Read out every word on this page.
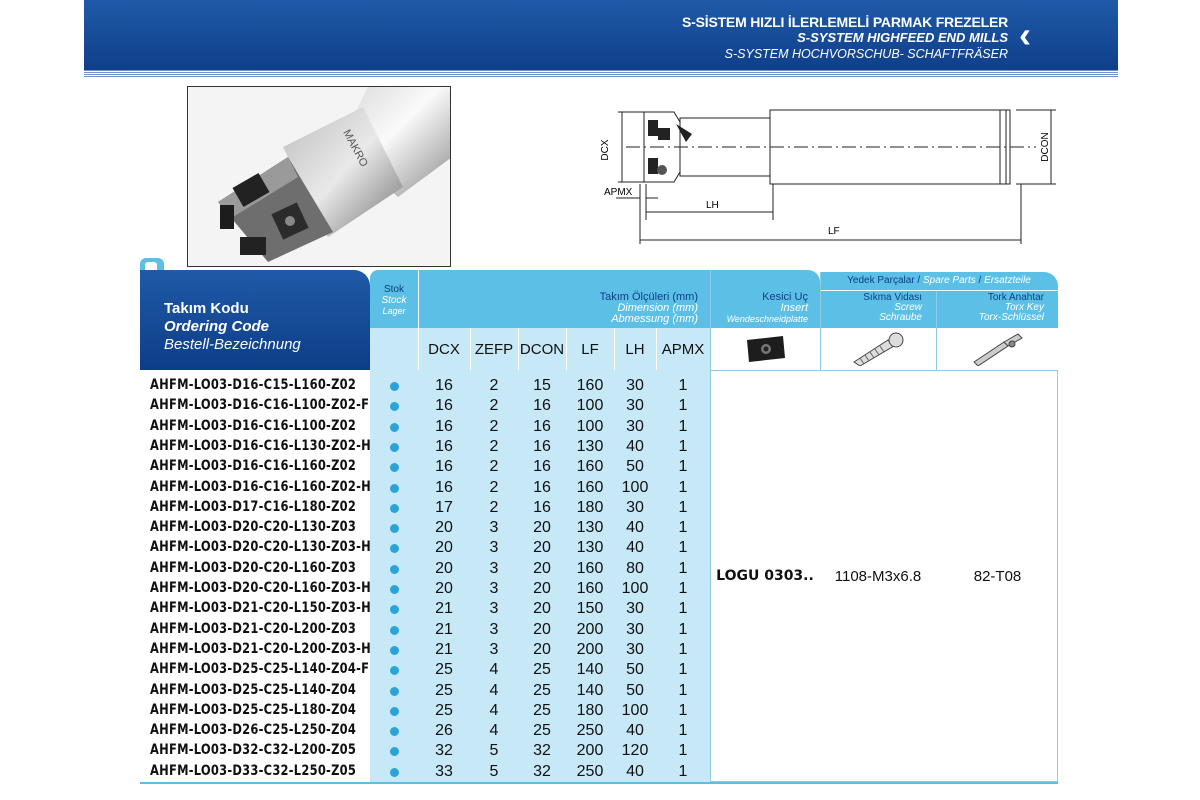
S-SİSTEM HIZLI İLERLEMELİ PARMAK FREZELER
S-SYSTEM HIGHFEED END MILLS
S-SYSTEM HOCHVORSCHUB- SCHAFTFRÄSER ‹
MAKRO	DCX	DCON
APMX
LH
LF
Takım Kodu
Ordering Code
Bestell-Bezeichnung
Stok
Stock
Lager
Takım Ölçüleri (mm)
Dimension (mm)
Abmessung (mm)
Kesici Uç
Insert
Wendeschneidplatte
Yedek Parçalar / Spare Parts / Ersatzteile
Sıkma Vidası
Screw
Schraube
Tork Anahtar
Torx Key
Torx-Schlüssel
DCX	ZEFP DCON	LF	LH	APMX
AHFM-LO03-D16-C15-L160-Z02	16	2	15	160	30	1
AHFM-LO03-D16-C16-L100-Z02-F	16	2	16	100	30	1
AHFM-LO03-D16-C16-L100-Z02	16	2	16	100	30	1
AHFM-LO03-D16-C16-L130-Z02-H	16	2	16	130	40	1
AHFM-LO03-D16-C16-L160-Z02	16	2	16	160	50	1
AHFM-LO03-D16-C16-L160-Z02-H	16	2	16	160	100	1
AHFM-LO03-D17-C16-L180-Z02	17	2	16	180	30	1
AHFM-LO03-D20-C20-L130-Z03	20	3	20	130	40	1
AHFM-LO03-D20-C20-L130-Z03-H	20	3	20	130	40	1
AHFM-LO03-D20-C20-L160-Z03	20	3	20	160	80	1
AHFM-LO03-D20-C20-L160-Z03-H	20	3	20	160	100	1
AHFM-LO03-D21-C20-L150-Z03-H	21	3	20	150	30	1
AHFM-LO03-D21-C20-L200-Z03	21	3	20	200	30	1
AHFM-LO03-D21-C20-L200-Z03-H	21	3	20	200	30	1
AHFM-LO03-D25-C25-L140-Z04-F	25	4	25	140	50	1
AHFM-LO03-D25-C25-L140-Z04	25	4	25	140	50	1
AHFM-LO03-D25-C25-L180-Z04	25	4	25	180	100	1
AHFM-LO03-D26-C25-L250-Z04	26	4	25	250	40	1
AHFM-LO03-D32-C32-L200-Z05	32	5	32	200	120	1
AHFM-LO03-D33-C32-L250-Z05	33	5	32	250	40	1
LOGU 0303..	1108-M3x6.8	82-T08
